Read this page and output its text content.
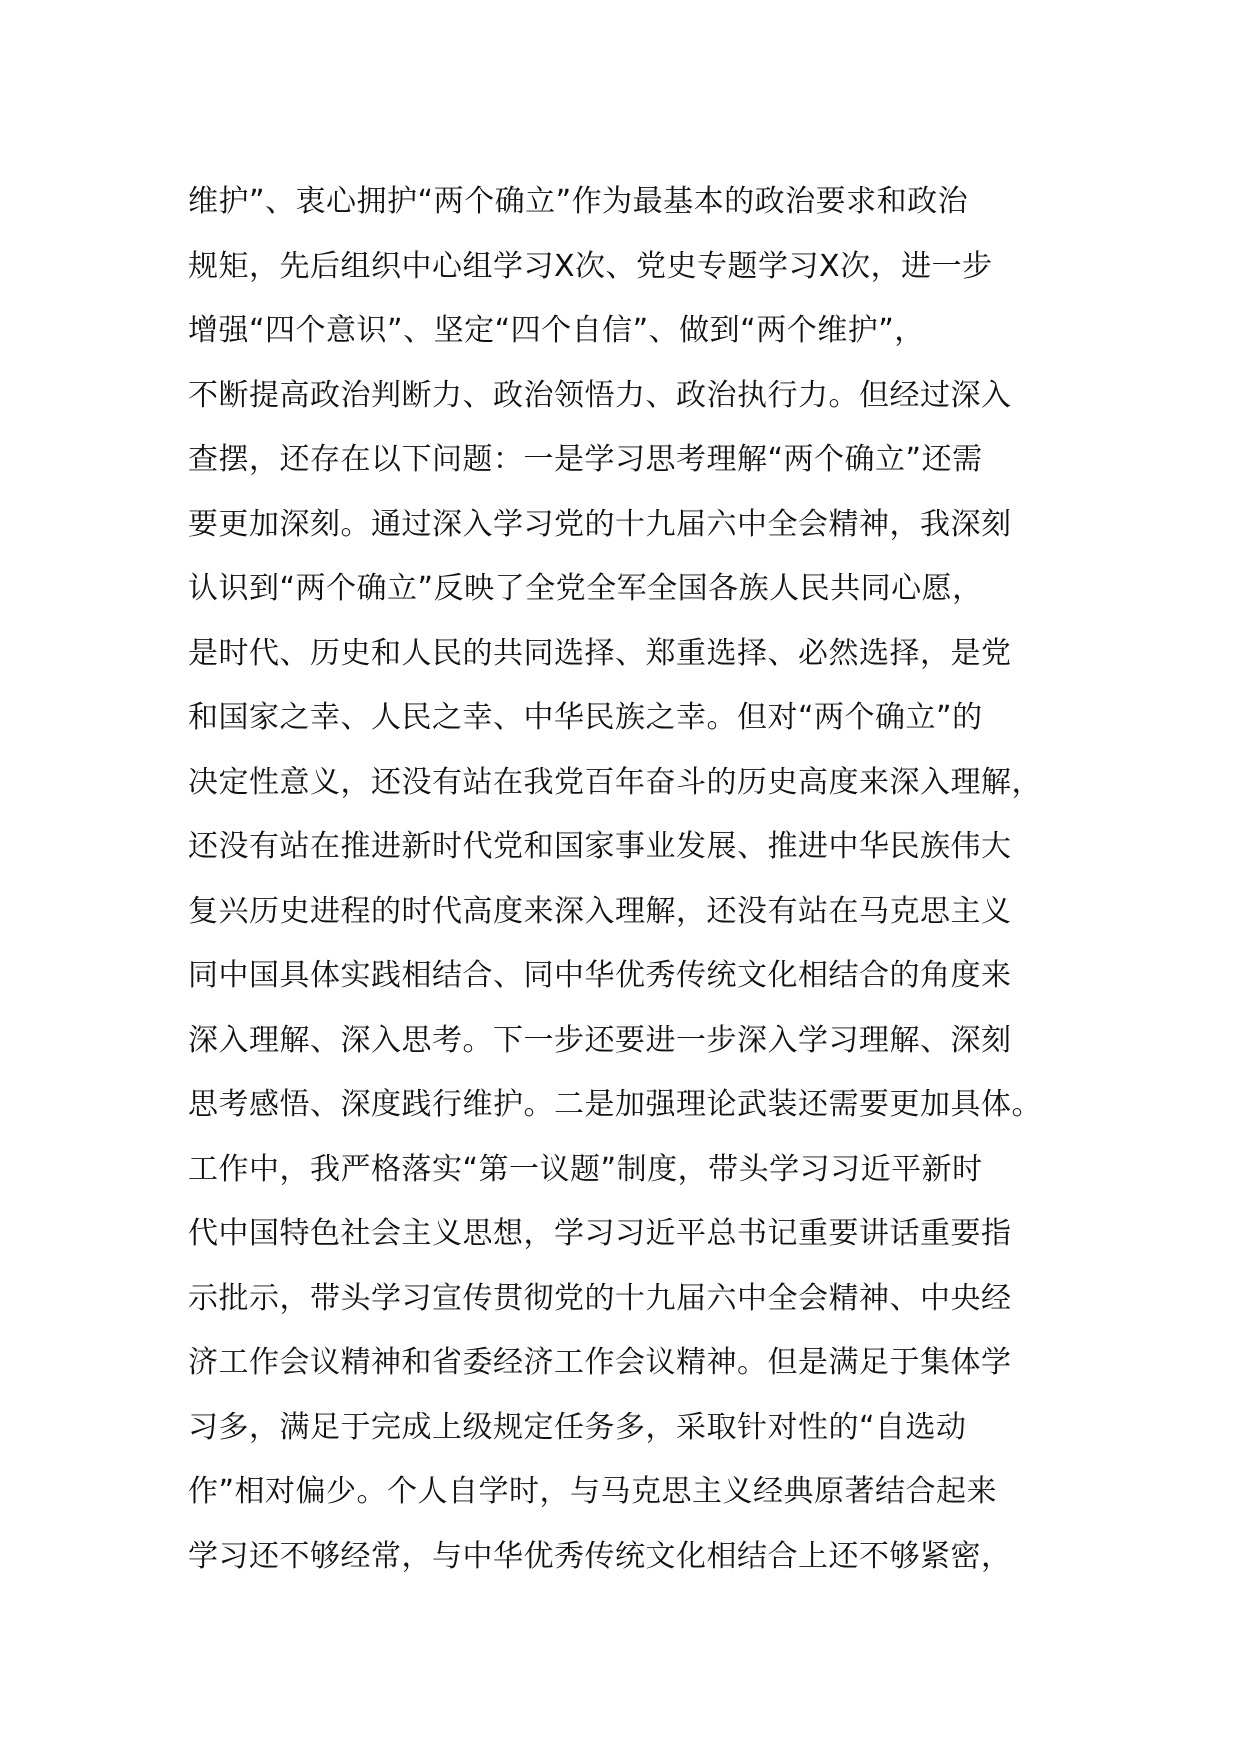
维护”、衷心拥护“两个确立”作为最基本的政治要求和政治
规矩，先后组织中心组学习X次、党史专题学习X次，进一步
增强“四个意识”、坚定“四个自信”、做到“两个维护”，
不断提高政治判断力、政治领悟力、政治执行力。但经过深入
查摆，还存在以下问题：一是学习思考理解“两个确立”还需
要更加深刻。通过深入学习党的十九届六中全会精神，我深刻
认识到“两个确立”反映了全党全军全国各族人民共同心愿，
是时代、历史和人民的共同选择、郑重选择、必然选择，是党
和国家之幸、人民之幸、中华民族之幸。但对“两个确立”的
决定性意义，还没有站在我党百年奋斗的历史高度来深入理解，
还没有站在推进新时代党和国家事业发展、推进中华民族伟大
复兴历史进程的时代高度来深入理解，还没有站在马克思主义
同中国具体实践相结合、同中华优秀传统文化相结合的角度来
深入理解、深入思考。下一步还要进一步深入学习理解、深刻
思考感悟、深度践行维护。二是加强理论武装还需要更加具体。
工作中，我严格落实“第一议题”制度，带头学习习近平新时
代中国特色社会主义思想，学习习近平总书记重要讲话重要指
示批示，带头学习宣传贯彻党的十九届六中全会精神、中央经
济工作会议精神和省委经济工作会议精神。但是满足于集体学
习多，满足于完成上级规定任务多，采取针对性的“自选动
作”相对偏少。个人自学时，与马克思主义经典原著结合起来
学习还不够经常，与中华优秀传统文化相结合上还不够紧密，
